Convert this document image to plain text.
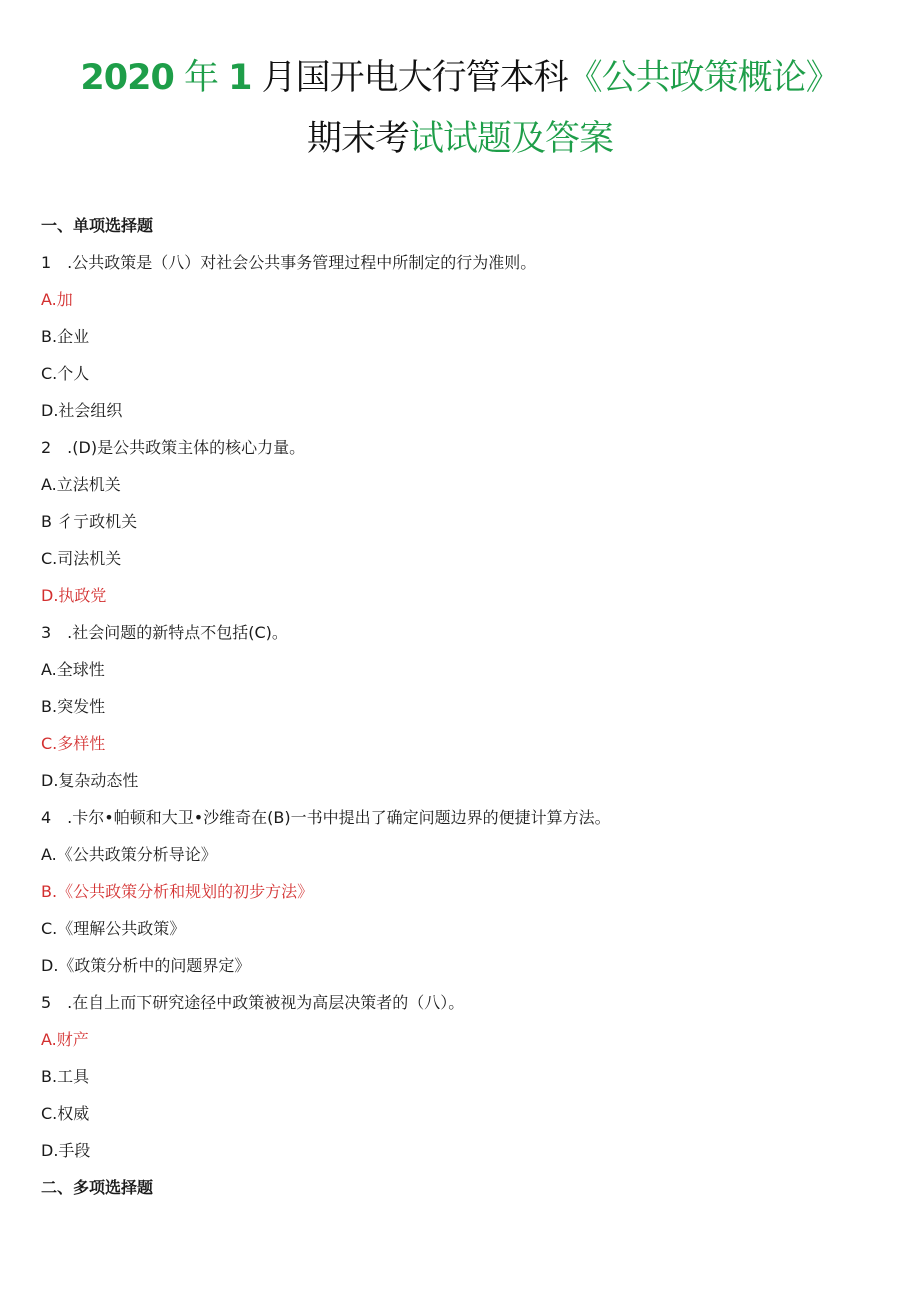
2020 年 1 月国开电大行管本科《公共政策概论》
期末考试试题及答案
一、单项选择题
1　.公共政策是（八）对社会公共事务管理过程中所制定的行为准则。
A.加
B.企业
C.个人
D.社会组织
2　.(D)是公共政策主体的核心力量。
A.立法机关
B 彳亍政机关
C.司法机关
D.执政党
3　.社会问题的新特点不包括(C)。
A.全球性
B.突发性
C.多样性
D.复杂动态性
4　.卡尔•帕顿和大卫•沙维奇在(B)一书中提出了确定问题边界的便捷计算方法。
A.《公共政策分析导论》
B.《公共政策分析和规划的初步方法》
C.《理解公共政策》
D.《政策分析中的问题界定》
5　.在自上而下研究途径中政策被视为高层决策者的（八）。
A.财产
B.工具
C.权威
D.手段
二、多项选择题
